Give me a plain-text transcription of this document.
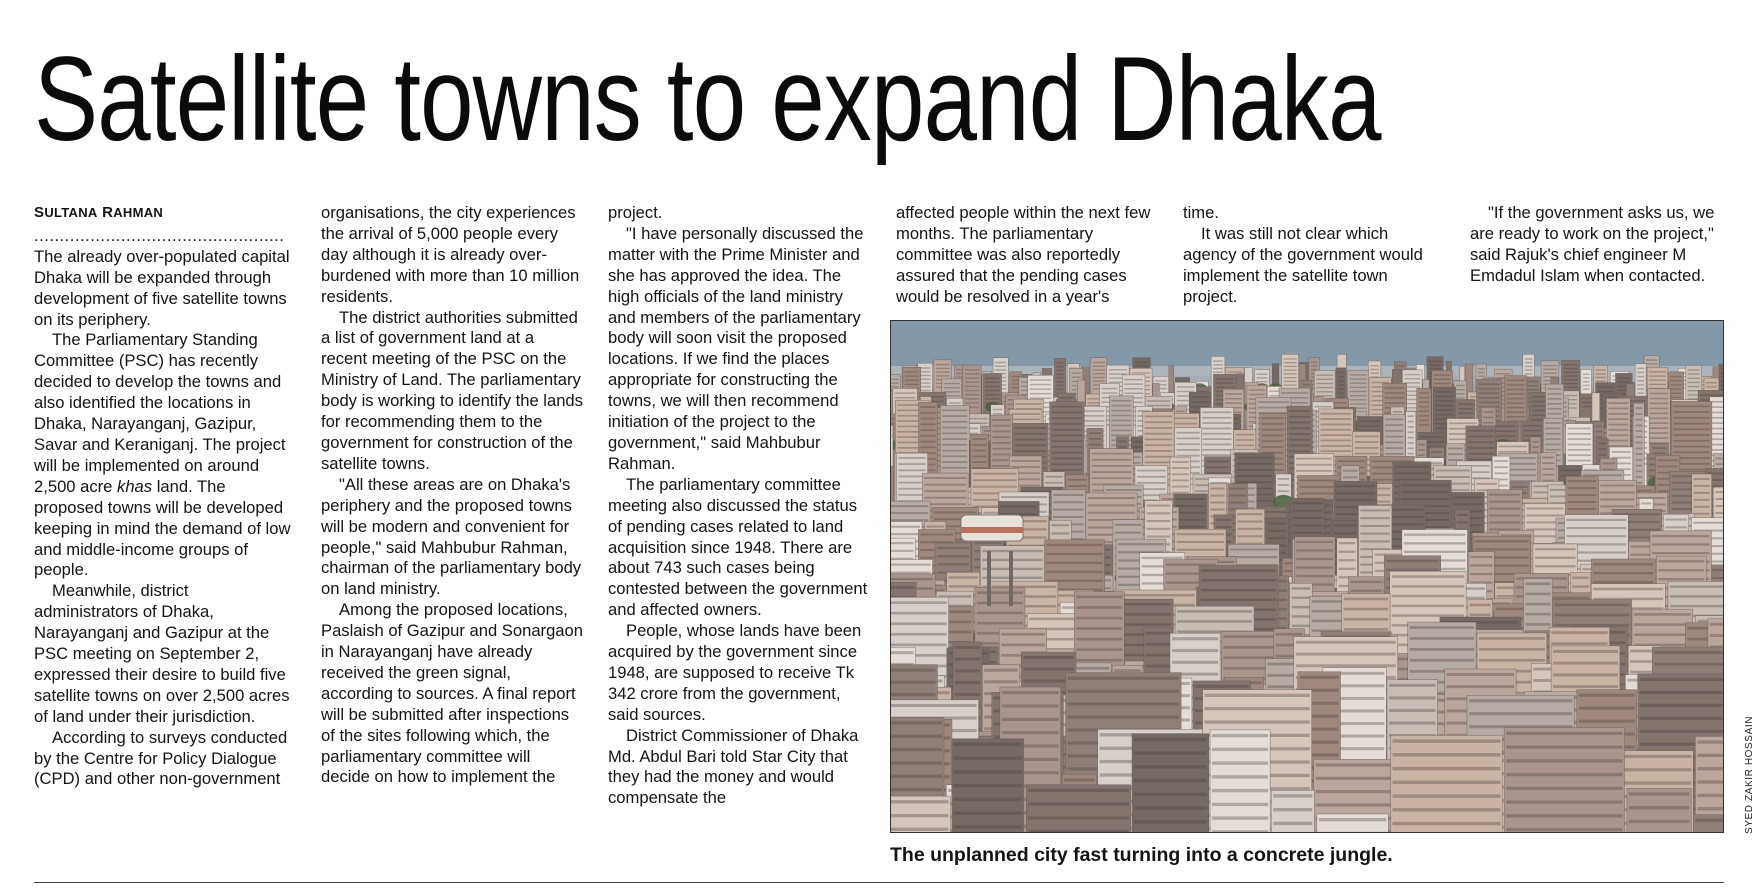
Satellite towns to expand Dhaka
SULTANA RAHMAN
.................................................

The already over-populated capital Dhaka will be expanded through development of five satellite towns on its periphery.

The Parliamentary Standing Committee (PSC) has recently decided to develop the towns and also identified the locations in Dhaka, Narayanganj, Gazipur, Savar and Keraniganj. The project will be implemented on around 2,500 acre khas land. The proposed towns will be developed keeping in mind the demand of low and middle-income groups of people.

Meanwhile, district administrators of Dhaka, Narayanganj and Gazipur at the PSC meeting on September 2, expressed their desire to build five satellite towns on over 2,500 acres of land under their jurisdiction.

According to surveys conducted by the Centre for Policy Dialogue (CPD) and other non-government

organisations, the city experiences the arrival of 5,000 people every day although it is already over-burdened with more than 10 million residents.

The district authorities submitted a list of government land at a recent meeting of the PSC on the Ministry of Land. The parliamentary body is working to identify the lands for recommending them to the government for construction of the satellite towns.

"All these areas are on Dhaka's periphery and the proposed towns will be modern and convenient for people," said Mahbubur Rahman, chairman of the parliamentary body on land ministry.

Among the proposed locations, Paslaish of Gazipur and Sonargaon in Narayanganj have already received the green signal, according to sources. A final report will be submitted after inspections of the sites following which, the parliamentary committee will decide on how to implement the

project.

"I have personally discussed the matter with the Prime Minister and she has approved the idea. The high officials of the land ministry and members of the parliamentary body will soon visit the proposed locations. If we find the places appropriate for constructing the towns, we will then recommend initiation of the project to the government," said Mahbubur Rahman.

The parliamentary committee meeting also discussed the status of pending cases related to land acquisition since 1948. There are about 743 such cases being contested between the government and affected owners.

People, whose lands have been acquired by the government since 1948, are supposed to receive Tk 342 crore from the government, said sources.

District Commissioner of Dhaka Md. Abdul Bari told Star City that they had the money and would compensate the

affected people within the next few months. The parliamentary committee was also reportedly assured that the pending cases would be resolved in a year's

time.

It was still not clear which agency of the government would implement the satellite town project.

"If the government asks us, we are ready to work on the project," said Rajuk's chief engineer M Emdadul Islam when contacted.

SYED ZAKIR HOSSAIN
The unplanned city fast turning into a concrete jungle.
